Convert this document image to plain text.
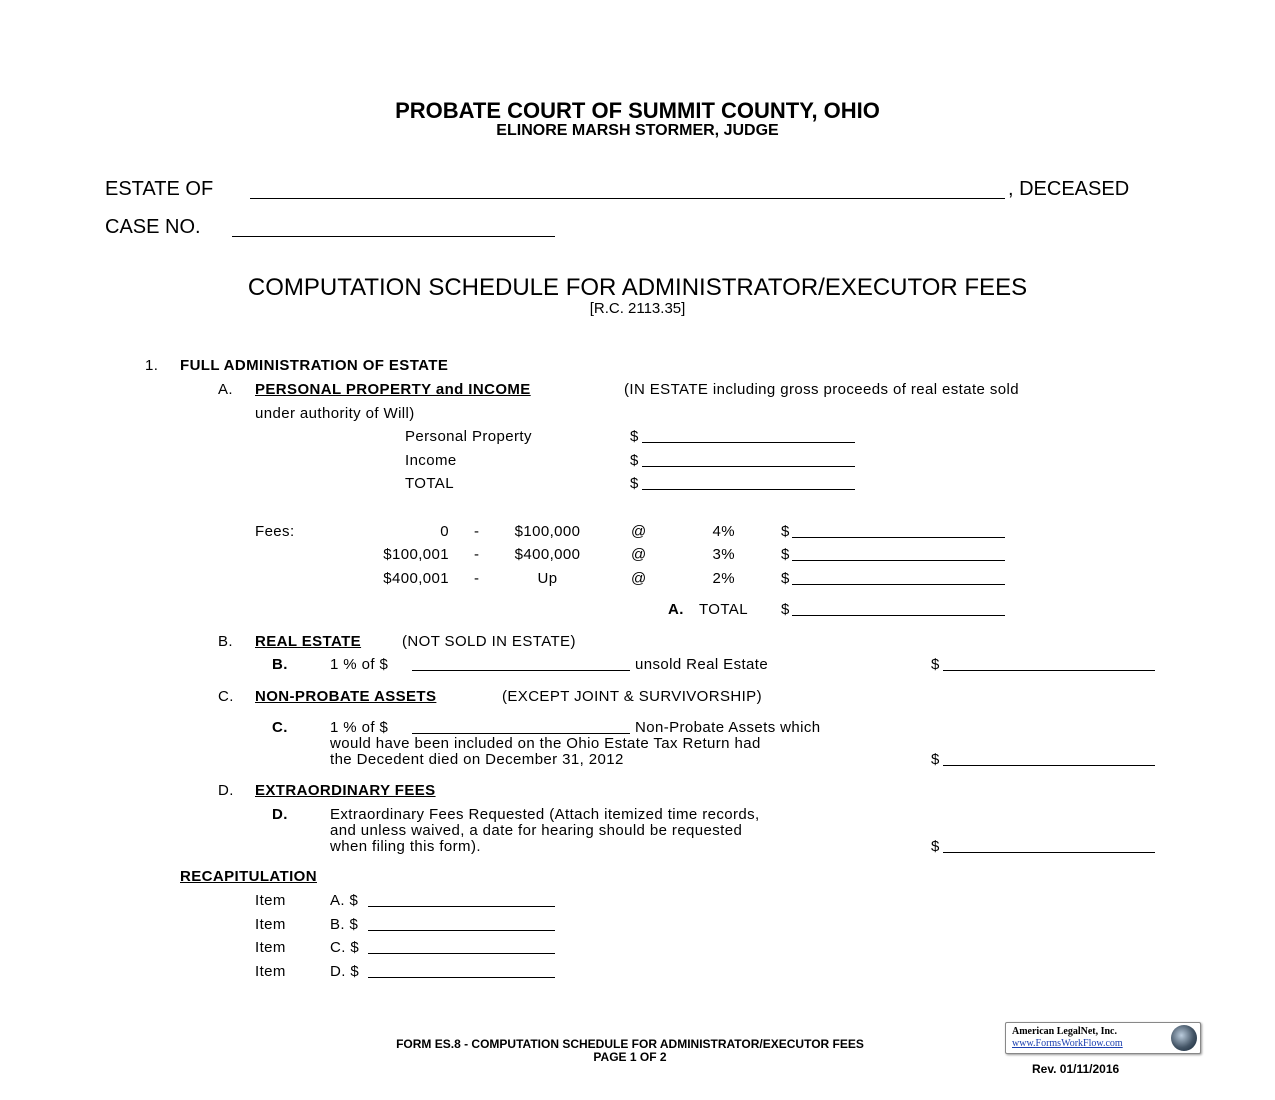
PROBATE COURT OF SUMMIT COUNTY, OHIO
ELINORE MARSH STORMER, JUDGE
ESTATE OF	, DECEASED
CASE NO.
COMPUTATION SCHEDULE FOR ADMINISTRATOR/EXECUTOR FEES
[R.C. 2113.35]
1. FULL ADMINISTRATION OF ESTATE
A. PERSONAL PROPERTY and INCOME	(IN ESTATE including gross proceeds of real estate sold
under authority of Will)
Personal Property	$
Income	$
TOTAL	$
Fees:	0 -	$100,000	@	4%	$
$100,001 -	$400,000	@	3%	$
$400,001 -	Up	@	2%	$
A. TOTAL $
B. REAL ESTATE	(NOT SOLD IN ESTATE)
B.	1 % of $	unsold Real Estate	$
C. NON-PROBATE ASSETS	(EXCEPT JOINT & SURVIVORSHIP)
C.	1 % of $	Non-Probate Assets which
would have been included on the Ohio Estate Tax Return had
the Decedent died on December 31, 2012	$
D. EXTRAORDINARY FEES
D.	Extraordinary Fees Requested (Attach itemized time records,
and unless waived, a date for hearing should be requested
when filing this form).	$
RECAPITULATION
Item	A. $
Item	B. $
Item	C. $
Item	D. $
FORM ES.8 - COMPUTATION SCHEDULE FOR ADMINISTRATOR/EXECUTOR FEES
PAGE 1 OF 2
American LegalNet, Inc.
www.FormsWorkFlow.com
Rev. 01/11/2016
